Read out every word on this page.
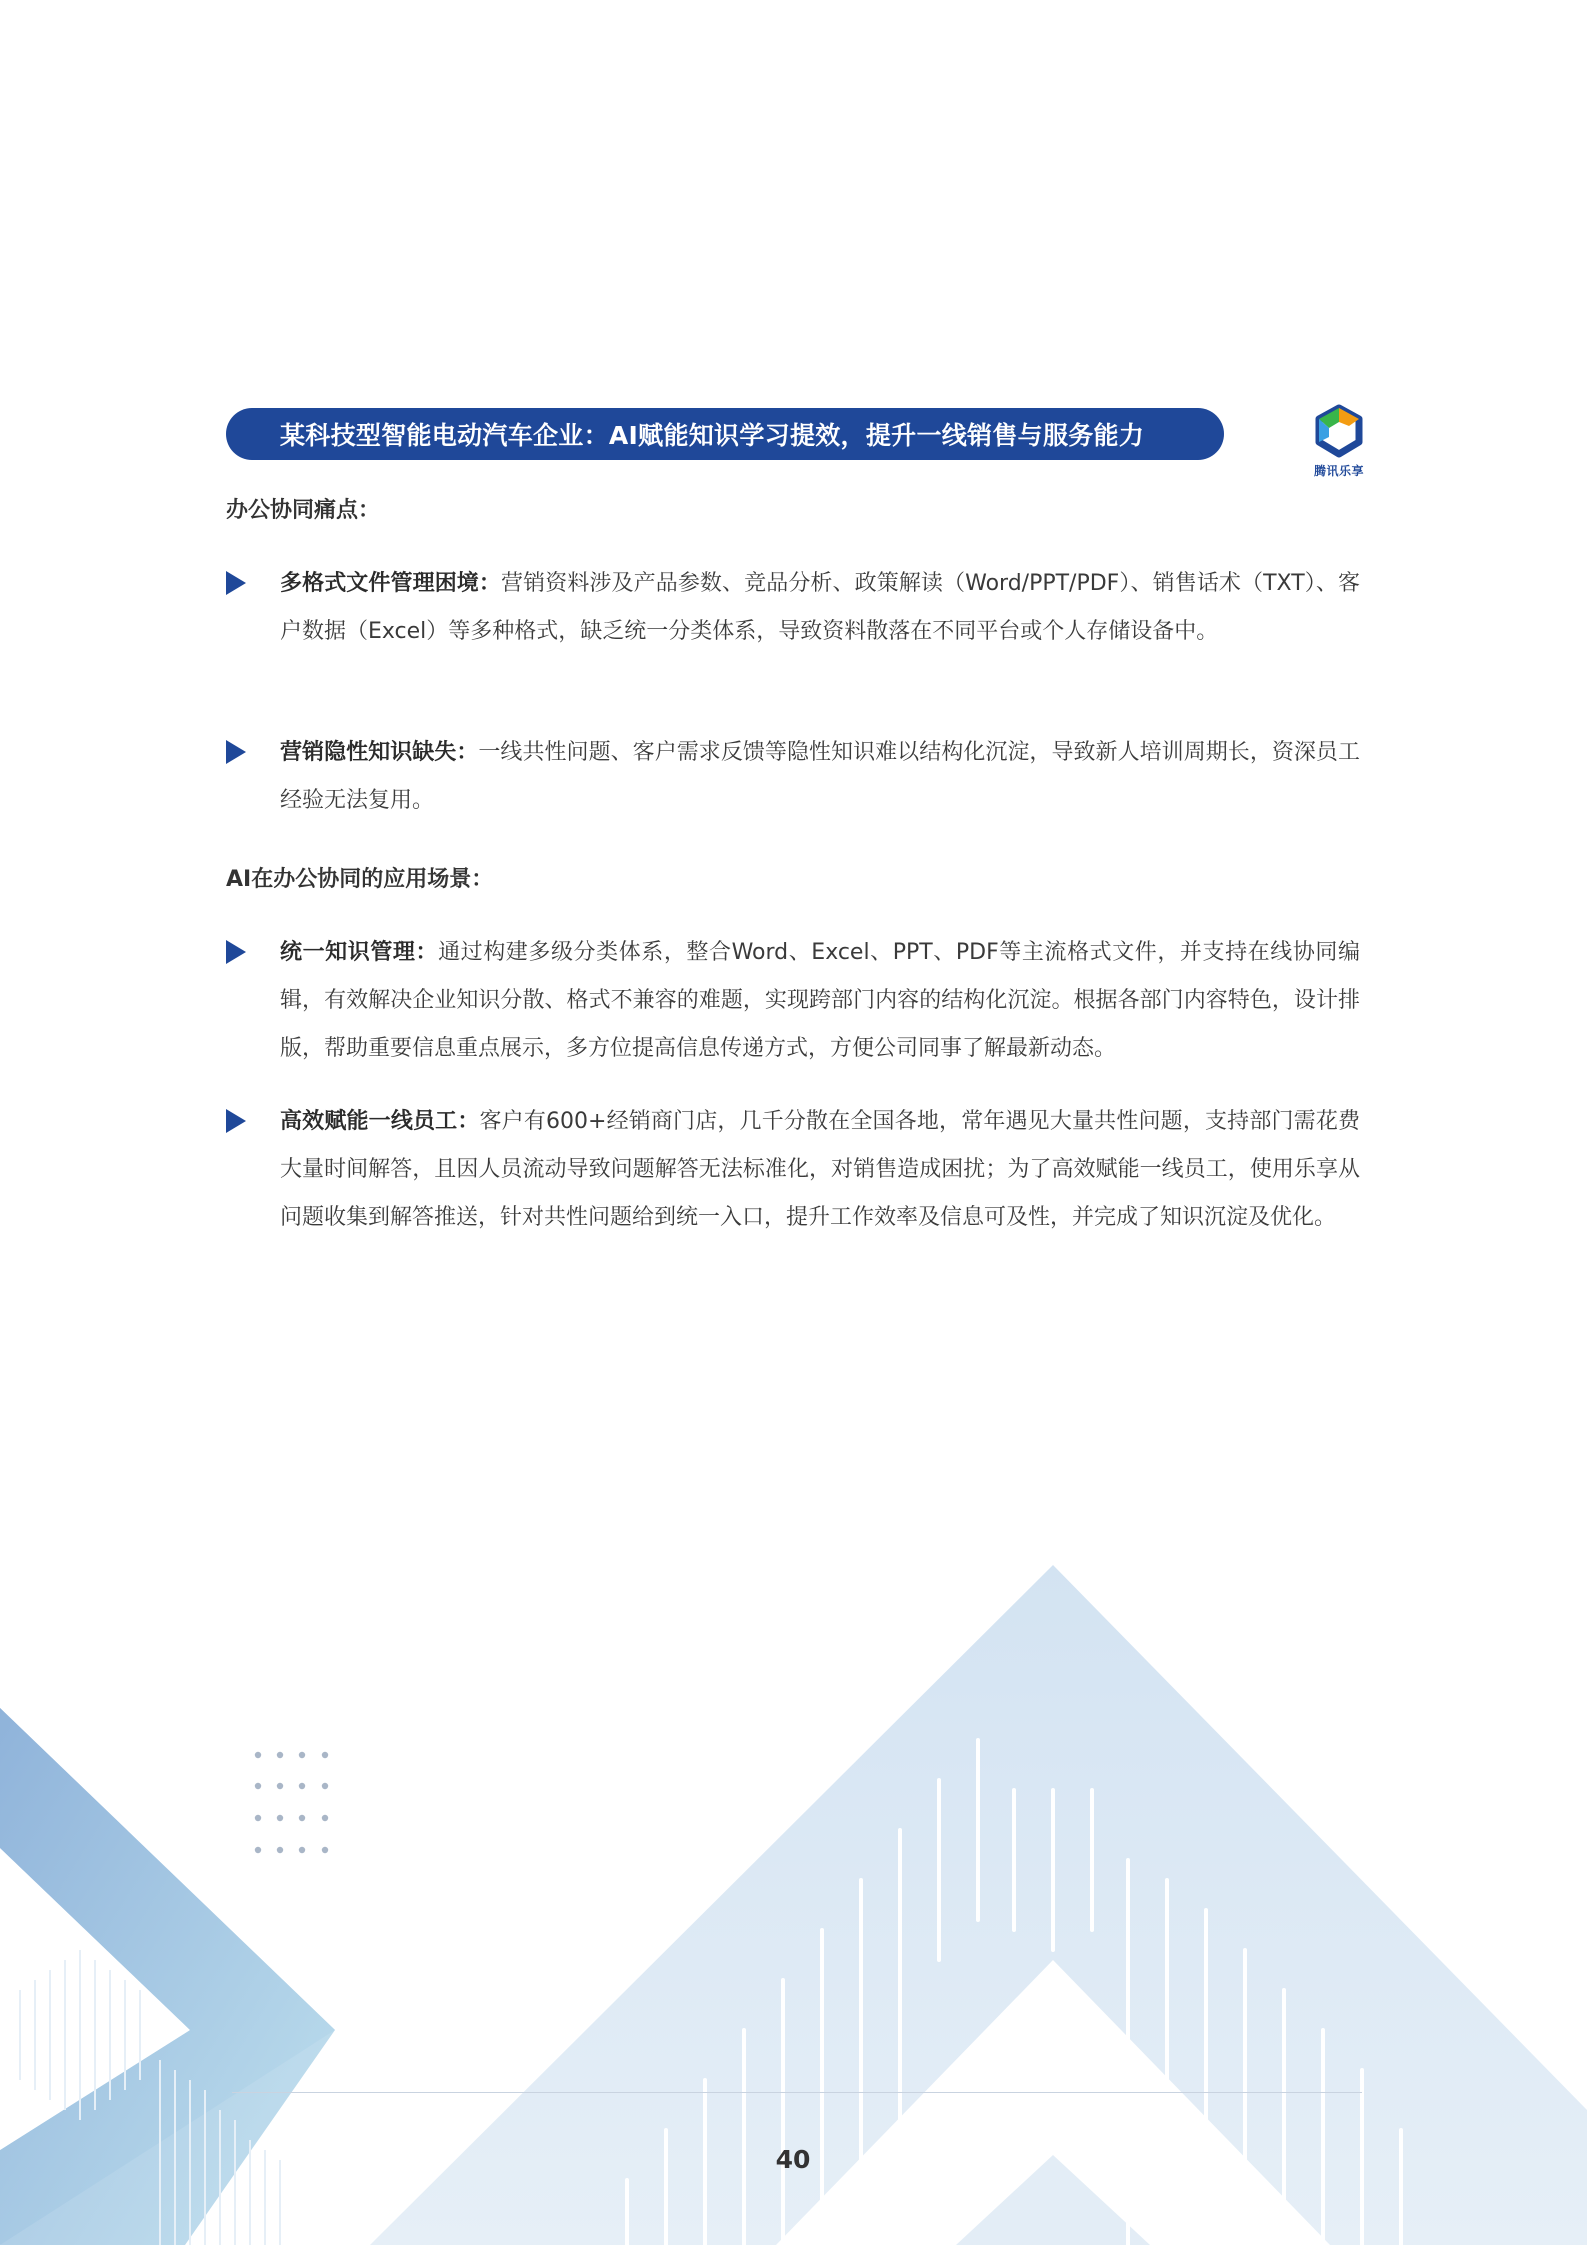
某科技型智能电动汽车企业：AI赋能知识学习提效，提升一线销售与服务能力
腾讯乐享
办公协同痛点：

多格式文件管理困境：营销资料涉及产品参数、竞品分析、政策解读（Word/PPT/PDF）、销售话术（TXT）、客户数据（Excel）等多种格式，缺乏统一分类体系，导致资料散落在不同平台或个人存储设备中。

营销隐性知识缺失：一线共性问题、客户需求反馈等隐性知识难以结构化沉淀，导致新人培训周期长，资深员工经验无法复用。

AI在办公协同的应用场景：

统一知识管理：通过构建多级分类体系，整合Word、Excel、PPT、PDF等主流格式文件，并支持在线协同编辑，有效解决企业知识分散、格式不兼容的难题，实现跨部门内容的结构化沉淀。根据各部门内容特色，设计排版，帮助重要信息重点展示，多方位提高信息传递方式，方便公司同事了解最新动态。

高效赋能一线员工：客户有600+经销商门店，几千分散在全国各地，常年遇见大量共性问题，支持部门需花费大量时间解答，且因人员流动导致问题解答无法标准化，对销售造成困扰；为了高效赋能一线员工，使用乐享从问题收集到解答推送，针对共性问题给到统一入口，提升工作效率及信息可及性，并完成了知识沉淀及优化。

40
